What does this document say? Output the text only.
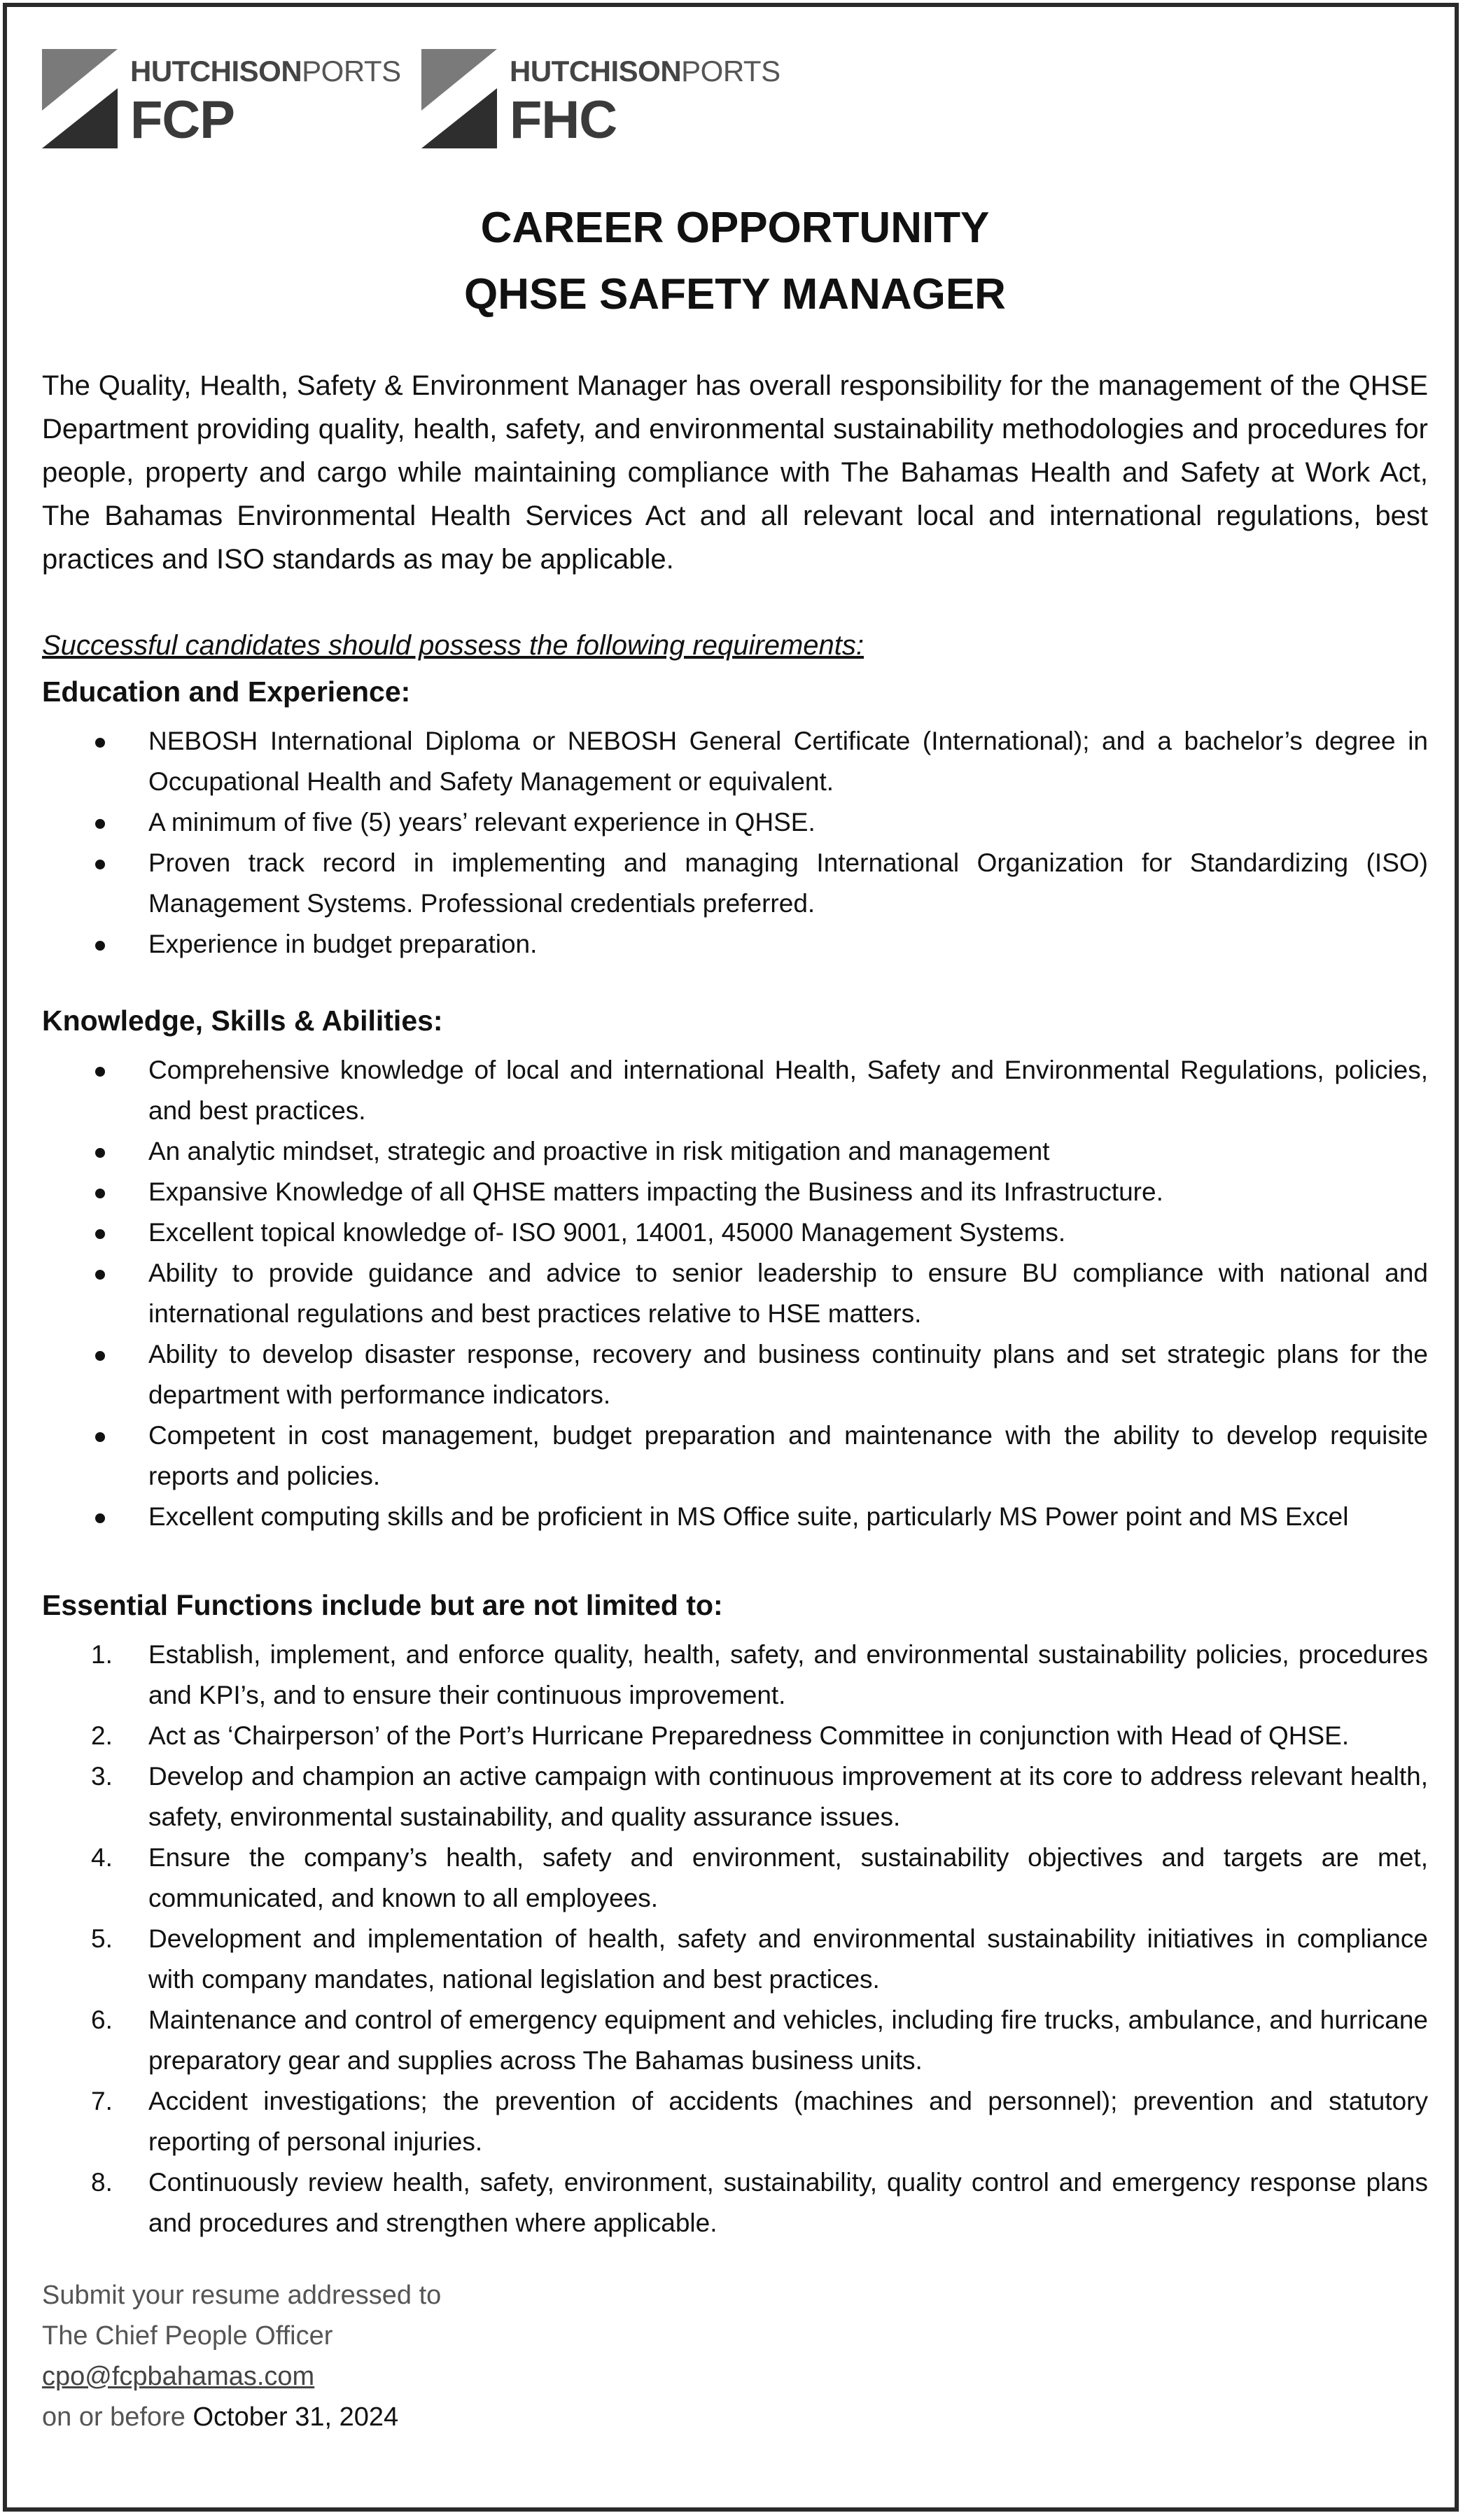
HUTCHISONPORTS
FCP
HUTCHISONPORTS
FHC
CAREER OPPORTUNITY
QHSE SAFETY MANAGER

The Quality, Health, Safety & Environment Manager has overall responsibility for the management of the QHSE Department providing quality, health, safety, and environmental sustainability methodologies and procedures for people, property and cargo while maintaining compliance with The Bahamas Health and Safety at Work Act, The Bahamas Environmental Health Services Act and all relevant local and international regulations, best practices and ISO standards as may be applicable.

Successful candidates should possess the following requirements:
Education and Experience:
NEBOSH International Diploma or NEBOSH General Certificate (International); and a bachelor’s degree in Occupational Health and Safety Management or equivalent.
A minimum of five (5) years’ relevant experience in QHSE.
Proven track record in implementing and managing International Organization for Standardizing (ISO) Management Systems. Professional credentials preferred.
Experience in budget preparation.
Knowledge, Skills & Abilities:
Comprehensive knowledge of local and international Health, Safety and Environmental Regulations, policies, and best practices.
An analytic mindset, strategic and proactive in risk mitigation and management
Expansive Knowledge of all QHSE matters impacting the Business and its Infrastructure.
Excellent topical knowledge of- ISO 9001, 14001, 45000 Management Systems.
Ability to provide guidance and advice to senior leadership to ensure BU compliance with national and international regulations and best practices relative to HSE matters.
Ability to develop disaster response, recovery and business continuity plans and set strategic plans for the department with performance indicators.
Competent in cost management, budget preparation and maintenance with the ability to develop requisite reports and policies.
Excellent computing skills and be proficient in MS Office suite, particularly MS Power point and MS Excel
Essential Functions include but are not limited to:
1. Establish, implement, and enforce quality, health, safety, and environmental sustainability policies, procedures and KPI’s, and to ensure their continuous improvement.
2. Act as ‘Chairperson’ of the Port’s Hurricane Preparedness Committee in conjunction with Head of QHSE.
3. Develop and champion an active campaign with continuous improvement at its core to address relevant health, safety, environmental sustainability, and quality assurance issues.
4. Ensure the company’s health, safety and environment, sustainability objectives and targets are met, communicated, and known to all employees.
5. Development and implementation of health, safety and environmental sustainability initiatives in compliance with company mandates, national legislation and best practices.
6. Maintenance and control of emergency equipment and vehicles, including fire trucks, ambulance, and hurricane preparatory gear and supplies across The Bahamas business units.
7. Accident investigations; the prevention of accidents (machines and personnel); prevention and statutory reporting of personal injuries.
8. Continuously review health, safety, environment, sustainability, quality control and emergency response plans and procedures and strengthen where applicable.
Submit your resume addressed to
The Chief People Officer
cpo@fcpbahamas.com
on or before October 31, 2024
